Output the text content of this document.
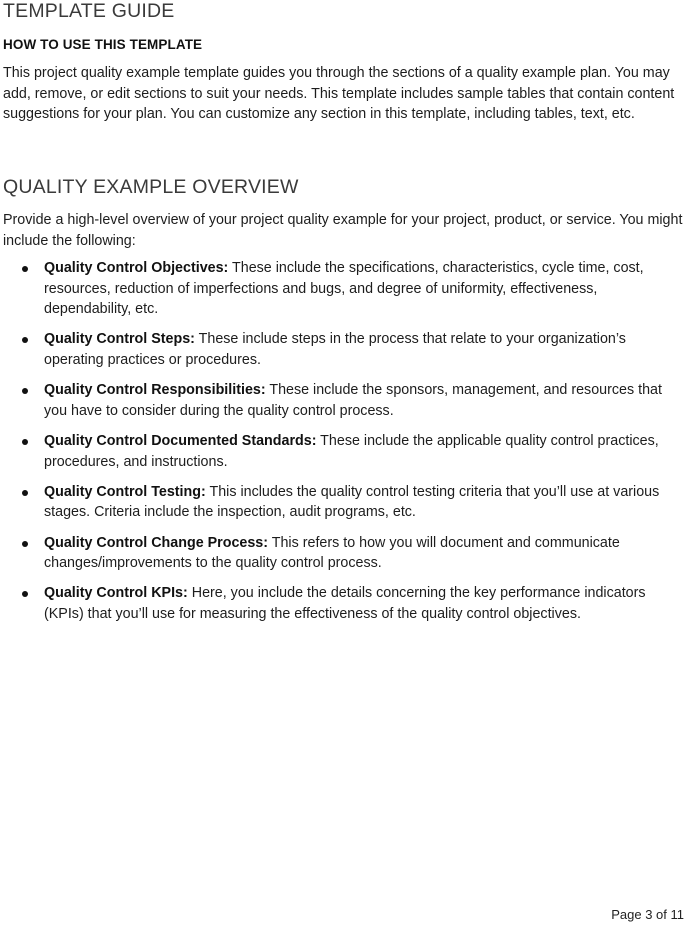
TEMPLATE GUIDE
HOW TO USE THIS TEMPLATE

This project quality example template guides you through the sections of a quality example plan. You may add, remove, or edit sections to suit your needs. This template includes sample tables that contain content suggestions for your plan. You can customize any section in this template, including tables, text, etc.

QUALITY EXAMPLE OVERVIEW

Provide a high-level overview of your project quality example for your project, product, or service. You might include the following:

Quality Control Objectives: These include the specifications, characteristics, cycle time, cost, resources, reduction of imperfections and bugs, and degree of uniformity, effectiveness, dependability, etc.
Quality Control Steps: These include steps in the process that relate to your organization’s operating practices or procedures.
Quality Control Responsibilities: These include the sponsors, management, and resources that you have to consider during the quality control process.
Quality Control Documented Standards: These include the applicable quality control practices, procedures, and instructions.
Quality Control Testing: This includes the quality control testing criteria that you’ll use at various stages. Criteria include the inspection, audit programs, etc.
Quality Control Change Process: This refers to how you will document and communicate changes/improvements to the quality control process.
Quality Control KPIs: Here, you include the details concerning the key performance indicators (KPIs) that you’ll use for measuring the effectiveness of the quality control objectives.
Page 3 of 11
